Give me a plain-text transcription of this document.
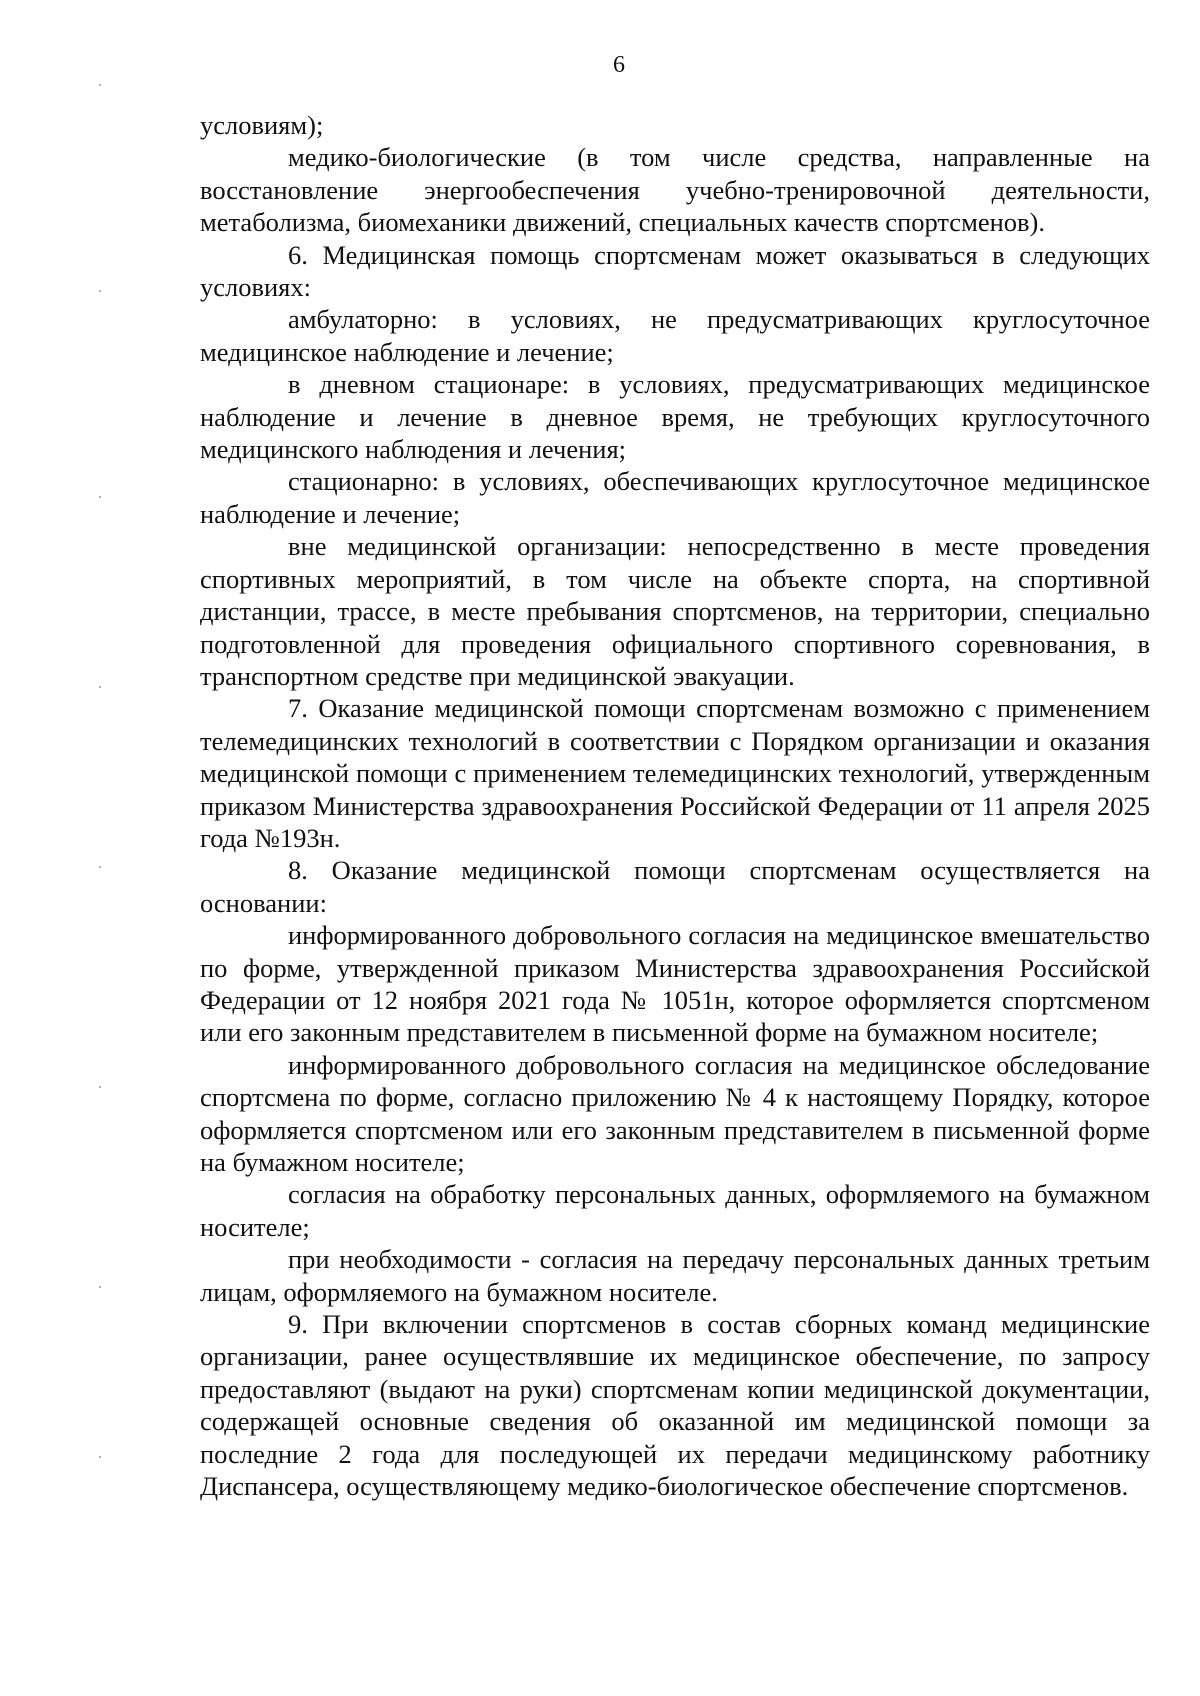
6

условиям);

медико-биологические (в том числе средства, направленные на восстановление энергообеспечения учебно-тренировочной деятельности, метаболизма, биомеханики движений, специальных качеств спортсменов).

6. Медицинская помощь спортсменам может оказываться в следующих условиях:

амбулаторно: в условиях, не предусматривающих круглосуточное медицинское наблюдение и лечение;

в дневном стационаре: в условиях, предусматривающих медицинское наблюдение и лечение в дневное время, не требующих круглосуточного медицинского наблюдения и лечения;

стационарно: в условиях, обеспечивающих круглосуточное медицинское наблюдение и лечение;

вне медицинской организации: непосредственно в месте проведения спортивных мероприятий, в том числе на объекте спорта, на спортивной дистанции, трассе, в месте пребывания спортсменов, на территории, специально подготовленной для проведения официального спортивного соревнования, в транспортном средстве при медицинской эвакуации.

7. Оказание медицинской помощи спортсменам возможно с применением телемедицинских технологий в соответствии с Порядком организации и оказания медицинской помощи с применением телемедицинских технологий, утвержденным приказом Министерства здравоохранения Российской Федерации от 11 апреля 2025 года №193н.

8. Оказание медицинской помощи спортсменам осуществляется на основании:

информированного добровольного согласия на медицинское вмешательство по форме, утвержденной приказом Министерства здравоохранения Российской Федерации от 12 ноября 2021 года № 1051н, которое оформляется спортсменом или его законным представителем в письменной форме на бумажном носителе;

информированного добровольного согласия на медицинское обследование спортсмена по форме, согласно приложению № 4 к настоящему Порядку, которое оформляется спортсменом или его законным представителем в письменной форме на бумажном носителе;

согласия на обработку персональных данных, оформляемого на бумажном носителе;

при необходимости - согласия на передачу персональных данных третьим лицам, оформляемого на бумажном носителе.

9. При включении спортсменов в состав сборных команд медицинские организации, ранее осуществлявшие их медицинское обеспечение, по запросу предоставляют (выдают на руки) спортсменам копии медицинской документации, содержащей основные сведения об оказанной им медицинской помощи за последние 2 года для последующей их передачи медицинскому работнику Диспансера, осуществляющему медико-биологическое обеспечение спортсменов.
